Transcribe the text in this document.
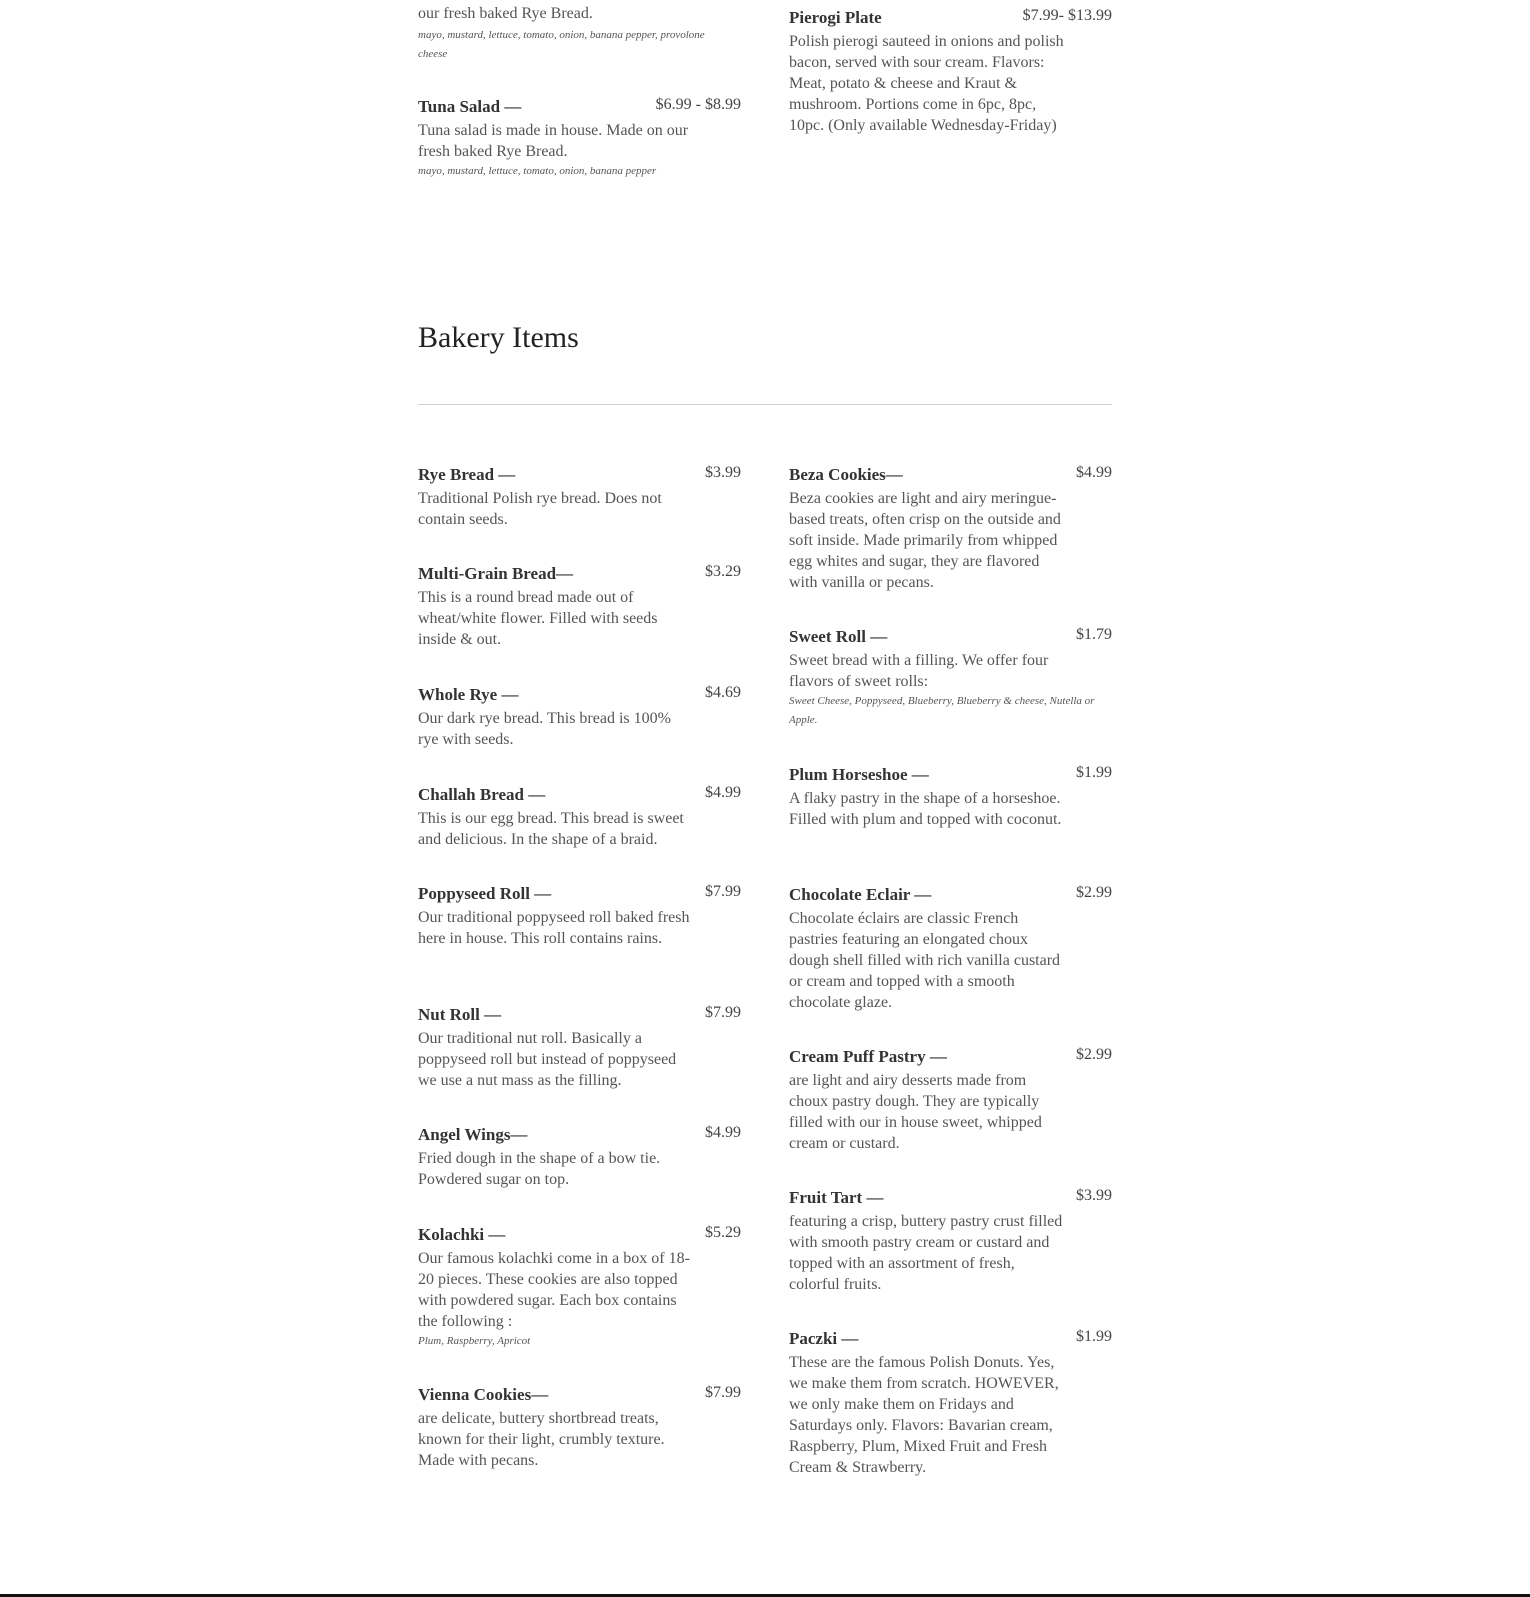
our fresh baked Rye Bread.
mayo, mustard, lettuce, tomato, onion, banana pepper, provolone cheese
Tuna Salad —	$6.99 - $8.99
Tuna salad is made in house. Made on our fresh baked Rye Bread.
mayo, mustard, lettuce, tomato, onion, banana pepper
Pierogi Plate	$7.99- $13.99
Polish pierogi sauteed in onions and polish bacon, served with sour cream. Flavors: Meat, potato & cheese and Kraut & mushroom. Portions come in 6pc, 8pc, 10pc. (Only available Wednesday-Friday)
Bakery Items
Rye Bread —	$3.99
Traditional Polish rye bread. Does not contain seeds.
Multi-Grain Bread—	$3.29
This is a round bread made out of wheat/white flower. Filled with seeds inside & out.
Whole Rye —	$4.69
Our dark rye bread. This bread is 100% rye with seeds.
Challah Bread —	$4.99
This is our egg bread. This bread is sweet and delicious. In the shape of a braid.
Poppyseed Roll —	$7.99
Our traditional poppyseed roll baked fresh here in house. This roll contains rains.
Nut Roll —	$7.99
Our traditional nut roll. Basically a poppyseed roll but instead of poppyseed we use a nut mass as the filling.
Angel Wings—	$4.99
Fried dough in the shape of a bow tie. Powdered sugar on top.
Kolachki —	$5.29
Our famous kolachki come in a box of 18-20 pieces. These cookies are also topped with powdered sugar. Each box contains the following :
Plum, Raspberry, Apricot
Vienna Cookies—	$7.99
are delicate, buttery shortbread treats, known for their light, crumbly texture. Made with pecans.
Beza Cookies—	$4.99
Beza cookies are light and airy meringue-based treats, often crisp on the outside and soft inside. Made primarily from whipped egg whites and sugar, they are flavored with vanilla or pecans.
Sweet Roll —	$1.79
Sweet bread with a filling. We offer four flavors of sweet rolls:
Sweet Cheese, Poppyseed, Blueberry, Blueberry & cheese, Nutella or Apple.
Plum Horseshoe —	$1.99
A flaky pastry in the shape of a horseshoe. Filled with plum and topped with coconut.
Chocolate Eclair —	$2.99
Chocolate éclairs are classic French pastries featuring an elongated choux dough shell filled with rich vanilla custard or cream and topped with a smooth chocolate glaze.
Cream Puff Pastry —	$2.99
are light and airy desserts made from choux pastry dough. They are typically filled with our in house sweet, whipped cream or custard.
Fruit Tart —	$3.99
featuring a crisp, buttery pastry crust filled with smooth pastry cream or custard and topped with an assortment of fresh, colorful fruits.
Paczki —	$1.99
These are the famous Polish Donuts. Yes, we make them from scratch. HOWEVER, we only make them on Fridays and Saturdays only. Flavors: Bavarian cream, Raspberry, Plum, Mixed Fruit and Fresh Cream & Strawberry.
